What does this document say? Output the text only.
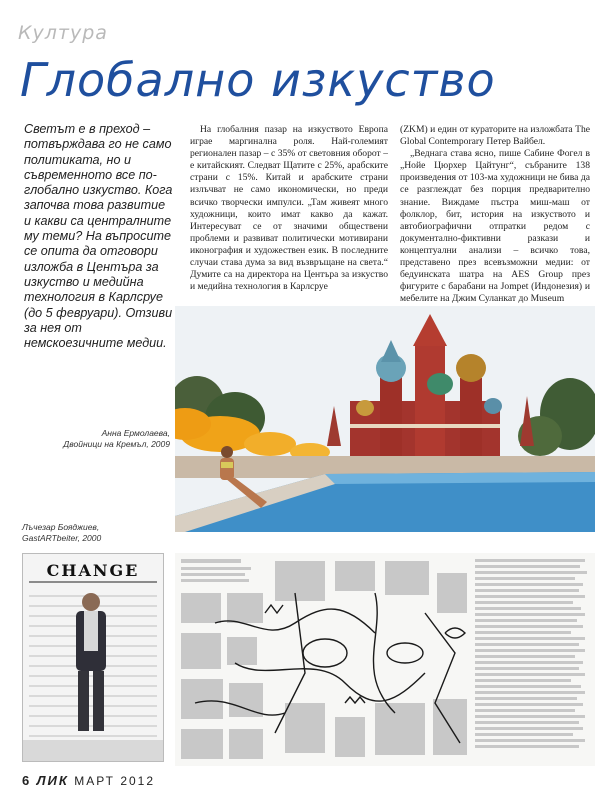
Култура
Глобално изкуство

Светът е в преход – потвърждава го не само политиката, но и съвременното все по-глобално изкуство. Кога започва това развитие и какви са централните му теми? На въпросите се опита да отговори изложба в Центъра за изкуство и медийна технология в Карлсруе (до 5 февруари). Отзиви за нея от немскоезичните медии.

На глобалния пазар на изкуството Европа играе маргинална роля. Най-големият регионален пазар – с 35% от световния оборот – е китайският. Следват Щатите с 25%, арабските страни с 15%. Китай и арабските страни излъчват не само икономически, но преди всичко творчески импулси. „Там живеят много художници, които имат какво да кажат. Интересуват се от значими обществени проблеми и развиват политически мотивирани иконография и художествен език. В последните случаи става дума за вид възвръщане на света.“ Думите са на директора на Центъра за изкуство и медийна технология в Карлсруе

(ZKM) и един от кураторите на изложбата The Global Contemporary Петер Вайбел.
„Веднага става ясно, пише Сабине Фогел в „Нойе Цюрхер Цайтунг“, събраните 138 произведения от 103-ма художници не бива да се разглеждат без порция предварително знание. Виждаме пъстра миш-маш от фолклор, бит, история на изкуството и автобиографични отпратки редом с документално-фиктивни разкази и концептуални анализи – всичко това, представено през всевъзможни медии: от бедуинската шатра на AES Group през фигурите с барабани на Jompet (Индонезия) и мебелите на Джим Суланкат до Museum

Анна Ермолаева,
Двойници на Кремъл, 2009
Лъчезар Бояджиев,
GastARTbeiter, 2000
CHANGE
6 ЛИК МАРТ 2012
